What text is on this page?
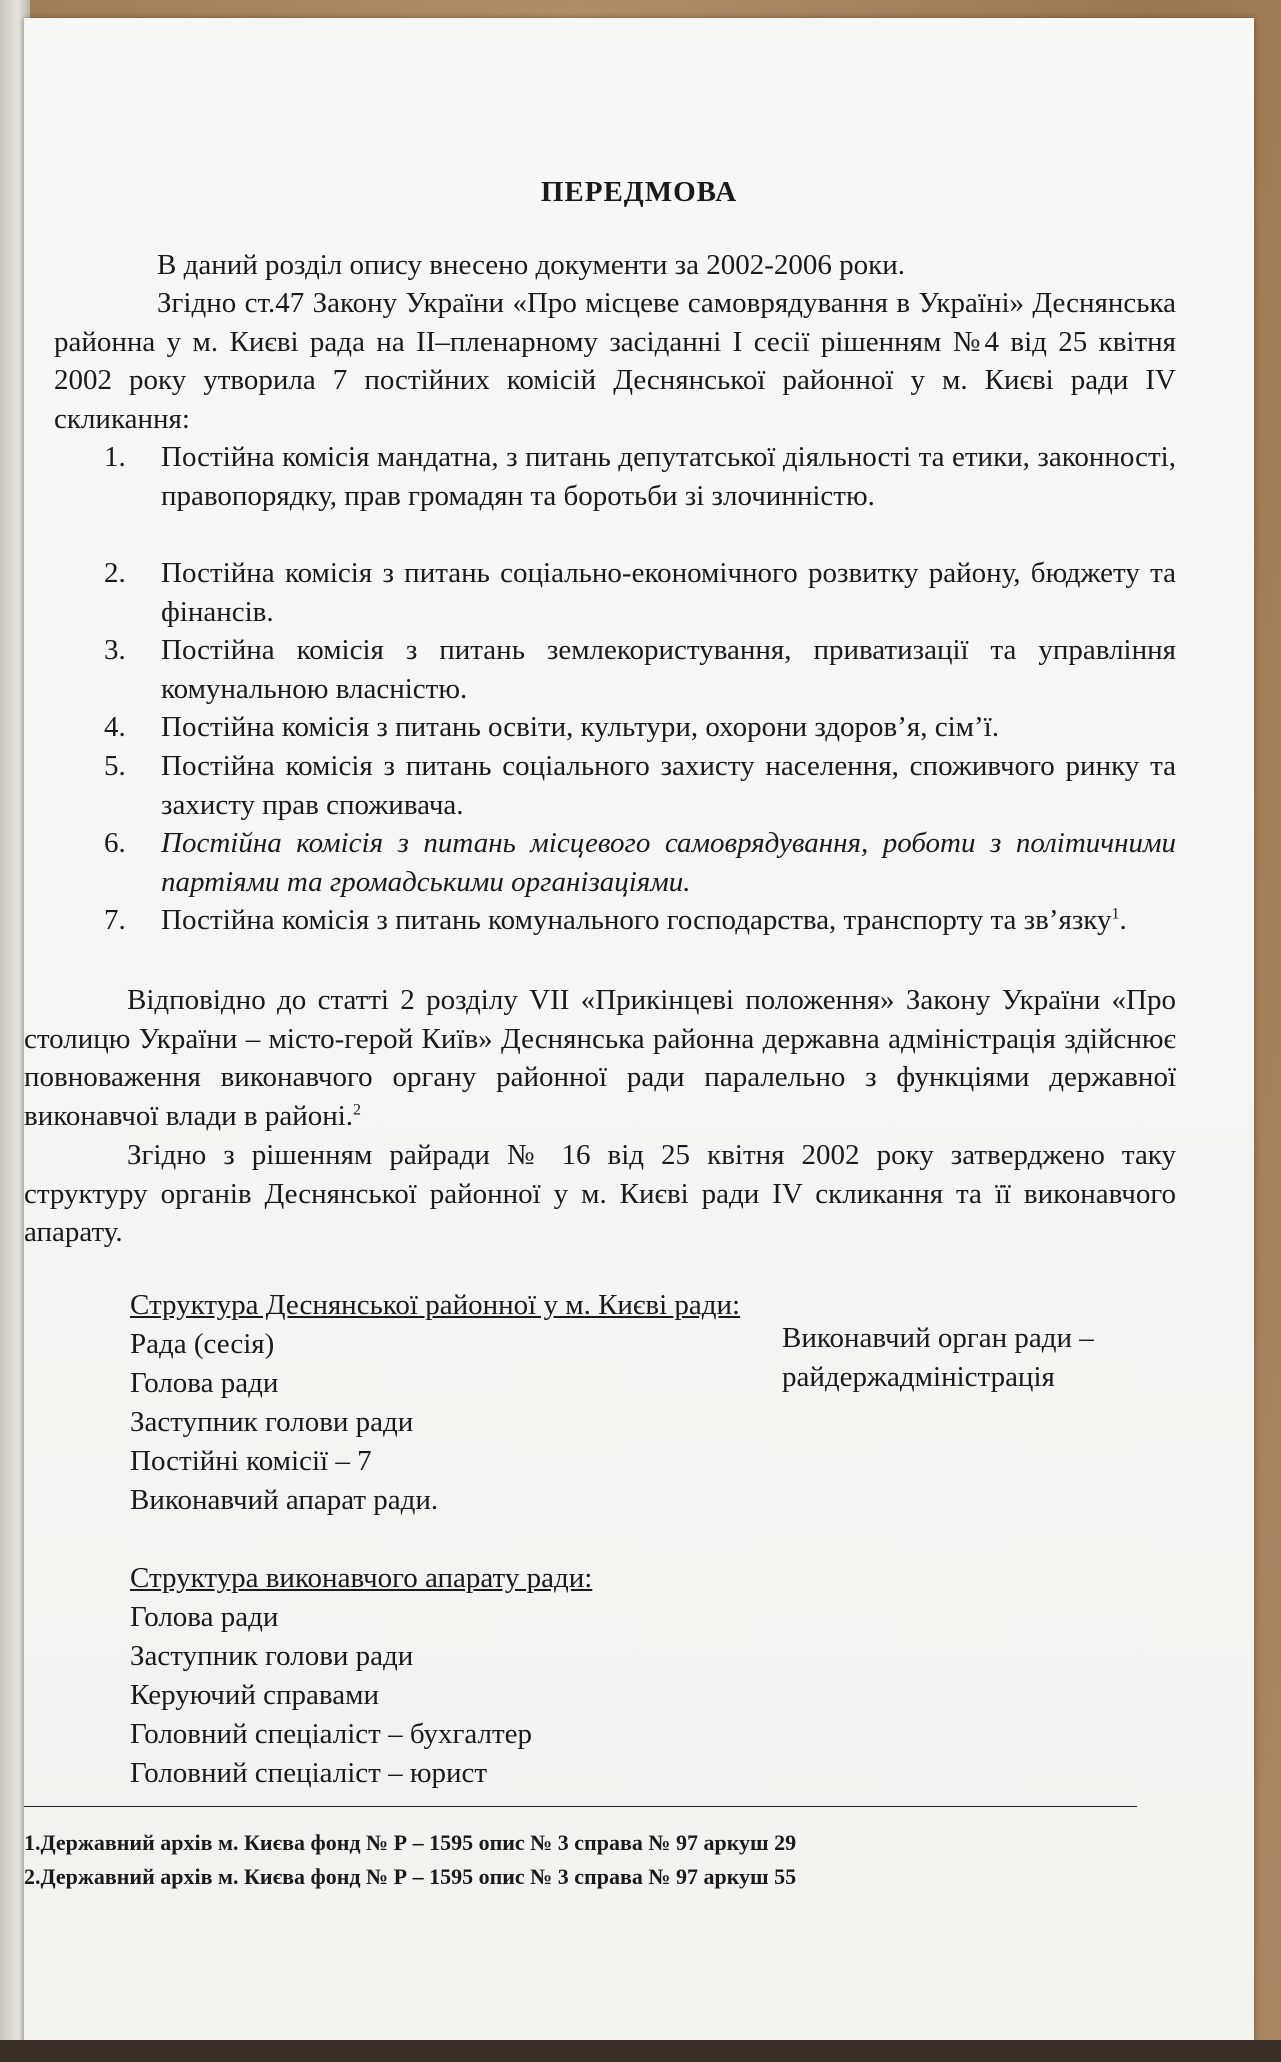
ПЕРЕДМОВА
В даний розділ опису внесено документи за 2002-2006 роки.
Згідно ст.47 Закону України «Про місцеве самоврядування в Україні» Деснянська районна у м. Києві рада на ІІ–пленарному засіданні І сесії рішенням №4 від 25 квітня 2002 року утворила 7 постійних комісій Деснянської районної у м. Києві ради IV скликання:
1. Постійна комісія мандатна, з питань депутатської діяльності та етики, законності, правопорядку, прав громадян та боротьби зі злочинністю.
2. Постійна комісія з питань соціально-економічного розвитку району, бюджету та фінансів.
3. Постійна комісія з питань землекористування, приватизації та управління комунальною власністю.
4. Постійна комісія з питань освіти, культури, охорони здоров’я, сім’ї.
5. Постійна комісія з питань соціального захисту населення, споживчого ринку та захисту прав споживача.
6. Постійна комісія з питань місцевого самоврядування, роботи з політичними партіями та громадськими організаціями.
7. Постійна комісія з питань комунального господарства, транспорту та зв’язку$^1$.
Відповідно до статті 2 розділу VII «Прикінцеві положення» Закону України «Про столицю України – місто-герой Київ» Деснянська районна державна адміністрація здійснює повноваження виконавчого органу районної ради паралельно з функціями державної виконавчої влади в районі.$^2$
Згідно з рішенням райради № 16 від 25 квітня 2002 року затверджено таку структуру органів Деснянської районної у м. Києві ради IV скликання та її виконавчого апарату.
Структура Деснянської районної у м. Києві ради:
Рада (сесія)
Голова ради
Заступник голови ради
Постійні комісії – 7
Виконавчий апарат ради.
Виконавчий орган ради –
райдержадміністрація
Структура виконавчого апарату ради:
Голова ради
Заступник голови ради
Керуючий справами
Головний спеціаліст – бухгалтер
Головний спеціаліст – юрист
1.Державний архів м. Києва фонд № Р – 1595 опис № 3 справа № 97 аркуш 29
2.Державний архів м. Києва фонд № Р – 1595 опис № 3 справа № 97 аркуш 55
